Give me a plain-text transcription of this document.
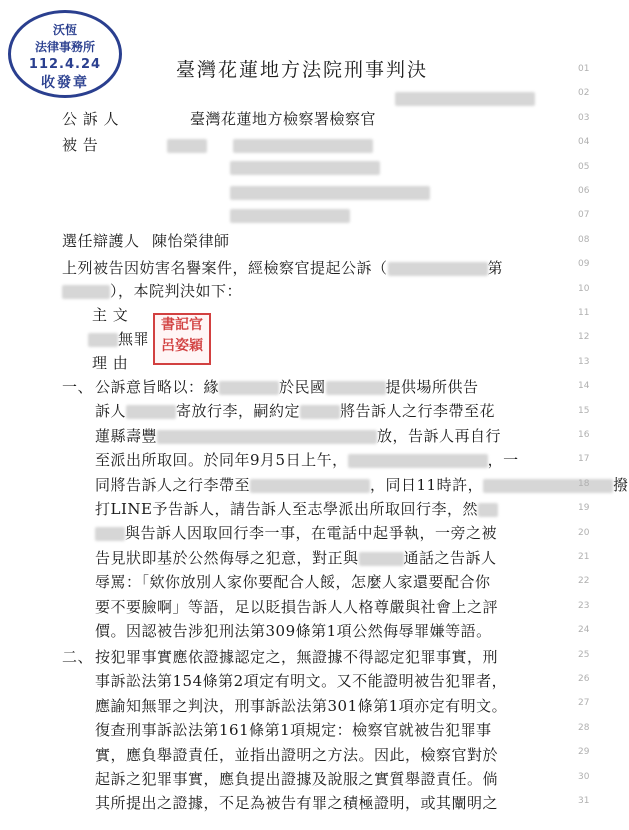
沃恆
法律事務所
112.4.24
收發章
臺灣花蓮地方法院刑事判決
公 訴 人	臺灣花蓮地方檢察署檢察官
被 告
選任辯護人 陳怡榮律師
上列被告因妨害名譽案件，經檢察官提起公訴（	第
），本院判決如下：
主 文
無罪
理 由
書記官
呂姿穎
一、 公訴意旨略以：緣	於民國	提供場所供告
訴人	寄放行李，嗣約定	將告訴人之行李帶至花
蓮縣壽豐	放，告訴人再自行
至派出所取回。於同年9月5日上午，	，一
同將告訴人之行李帶至	，同日11時許，	撥
打LINE予告訴人，請告訴人至志學派出所取回行李，然
與告訴人因取回行李一事，在電話中起爭執，一旁之被
告見狀即基於公然侮辱之犯意，對正與	通話之告訴人
辱罵：「欸你放別人家你要配合人餒，怎麼人家還要配合你
要不要臉啊」等語，足以貶損告訴人人格尊嚴與社會上之評
價。因認被告涉犯刑法第309條第1項公然侮辱罪嫌等語。
二、 按犯罪事實應依證據認定之，無證據不得認定犯罪事實，刑
事訴訟法第154條第2項定有明文。又不能證明被告犯罪者，
應諭知無罪之判決，刑事訴訟法第301條第1項亦定有明文。
復查刑事訴訟法第161條第1項規定：檢察官就被告犯罪事
實，應負舉證責任，並指出證明之方法。因此，檢察官對於
起訴之犯罪事實，應負提出證據及說服之實質舉證責任。倘
其所提出之證據，不足為被告有罪之積極證明，或其闡明之
01
02
03
04
05
06
07
08
09
10
11
12
13
14
15
16
17
18
19
20
21
22
23
24
25
26
27
28
29
30
31
